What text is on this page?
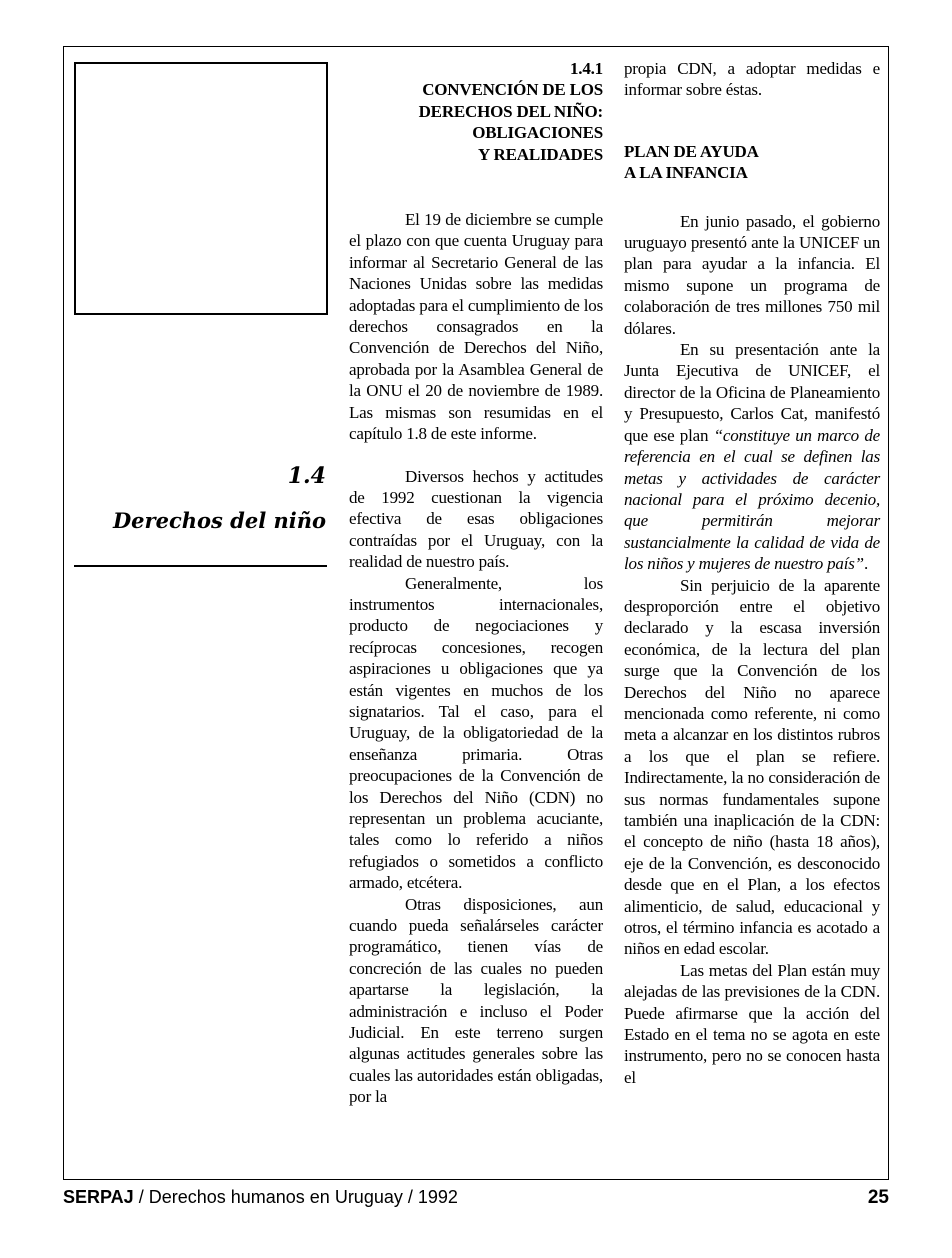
1.4
Derechos del niño
1.4.1
CONVENCIÓN DE LOS
DERECHOS DEL NIÑO:
OBLIGACIONES
Y REALIDADES

El 19 de diciembre se cumple el plazo con que cuenta Uruguay para informar al Secretario General de las Naciones Unidas sobre las medidas adoptadas para el cumplimiento de los derechos consagrados en la Convención de Derechos del Niño, aprobada por la Asamblea General de la ONU el 20 de noviembre de 1989. Las mismas son resumidas en el capítulo 1.8 de este informe.

Diversos hechos y actitudes de 1992 cuestionan la vigencia efectiva de esas obligaciones contraídas por el Uruguay, con la realidad de nuestro país.

Generalmente, los instrumentos internacionales, producto de negociaciones y recíprocas concesiones, recogen aspiraciones u obligaciones que ya están vigentes en muchos de los signatarios. Tal el caso, para el Uruguay, de la obligatoriedad de la enseñanza primaria. Otras preocupaciones de la Convención de los Derechos del Niño (CDN) no representan un problema acuciante, tales como lo referido a niños refugiados o sometidos a conflicto armado, etcétera.

Otras disposiciones, aun cuando pueda señalárseles carácter programático, tienen vías de concreción de las cuales no pueden apartarse la legislación, la administración e incluso el Poder Judicial. En este terreno surgen algunas actitudes generales sobre las cuales las autoridades están obligadas, por la

propia CDN, a adoptar medidas e informar sobre éstas.

PLAN DE AYUDA
A LA INFANCIA

En junio pasado, el gobierno uruguayo presentó ante la UNICEF un plan para ayudar a la infancia. El mismo supone un programa de colaboración de tres millones 750 mil dólares.

En su presentación ante la Junta Ejecutiva de UNICEF, el director de la Oficina de Planeamiento y Presupuesto, Carlos Cat, manifestó que ese plan “constituye un marco de referencia en el cual se definen las metas y actividades de carácter nacional para el próximo decenio, que permitirán mejorar sustancialmente la calidad de vida de los niños y mujeres de nuestro país”.

Sin perjuicio de la aparente desproporción entre el objetivo declarado y la escasa inversión económica, de la lectura del plan surge que la Convención de los Derechos del Niño no aparece mencionada como referente, ni como meta a alcanzar en los distintos rubros a los que el plan se refiere. Indirectamente, la no consideración de sus normas fundamentales supone también una inaplicación de la CDN: el concepto de niño (hasta 18 años), eje de la Convención, es desconocido desde que en el Plan, a los efectos alimenticio, de salud, educacional y otros, el término infancia es acotado a niños en edad escolar.

Las metas del Plan están muy alejadas de las previsiones de la CDN. Puede afirmarse que la acción del Estado en el tema no se agota en este instrumento, pero no se conocen hasta el

SERPAJ / Derechos humanos en Uruguay / 1992	25
